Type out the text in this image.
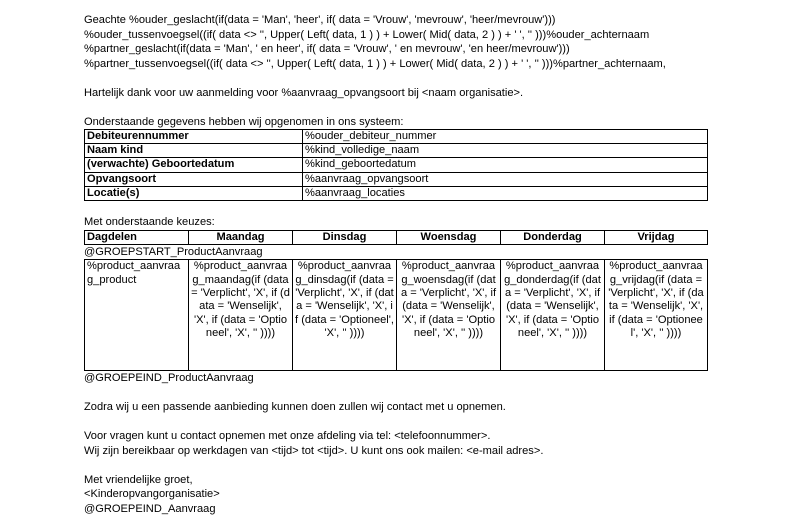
Geachte %ouder_geslacht(if(data = 'Man', 'heer', if( data = 'Vrouw', 'mevrouw', 'heer/mevrouw')))
%ouder_tussenvoegsel((if( data <> '', Upper( Left( data, 1 ) ) + Lower( Mid( data, 2 ) ) + ' ', '' )))%ouder_achternaam
%partner_geslacht(if(data = 'Man', ' en heer', if( data = 'Vrouw', ' en mevrouw', 'en heer/mevrouw')))
%partner_tussenvoegsel((if( data <> '', Upper( Left( data, 1 ) ) + Lower( Mid( data, 2 ) ) + ' ', '' )))%partner_achternaam,
Hartelijk dank voor uw aanmelding voor %aanvraag_opvangsoort bij <naam organisatie>.
Onderstaande gegevens hebben wij opgenomen in ons systeem:
Debiteurennummer	%ouder_debiteur_nummer
Naam kind	%kind_volledige_naam
(verwachte) Geboortedatum	%kind_geboortedatum
Opvangsoort	%aanvraag_opvangsoort
Locatie(s)	%aanvraag_locaties
Met onderstaande keuzes:
Dagdelen	Maandag	Dinsdag	Woensdag	Donderdag	Vrijdag
@GROEPSTART_ProductAanvraag
%product_aanvraag_product	%product_aanvraag_maandag(if (data = 'Verplicht', 'X', if (data = 'Wenselijk', 'X', if (data = 'Optioneel', 'X', '' ))))	%product_aanvraag_dinsdag(if (data = 'Verplicht', 'X', if (data = 'Wenselijk', 'X', if (data = 'Optioneel', 'X', '' ))))	%product_aanvraag_woensdag(if (data = 'Verplicht', 'X', if (data = 'Wenselijk', 'X', if (data = 'Optioneel', 'X', '' ))))	%product_aanvraag_donderdag(if (data = 'Verplicht', 'X', if (data = 'Wenselijk', 'X', if (data = 'Optioneel', 'X', '' ))))	%product_aanvraag_vrijdag(if (data = 'Verplicht', 'X', if (data = 'Wenselijk', 'X', if (data = 'Optioneel', 'X', '' ))))
@GROEPEIND_ProductAanvraag
Zodra wij u een passende aanbieding kunnen doen zullen wij contact met u opnemen.
Voor vragen kunt u contact opnemen met onze afdeling via tel: <telefoonnummer>.
Wij zijn bereikbaar op werkdagen van <tijd> tot <tijd>. U kunt ons ook mailen: <e-mail adres>.
Met vriendelijke groet,
<Kinderopvangorganisatie>
@GROEPEIND_Aanvraag
